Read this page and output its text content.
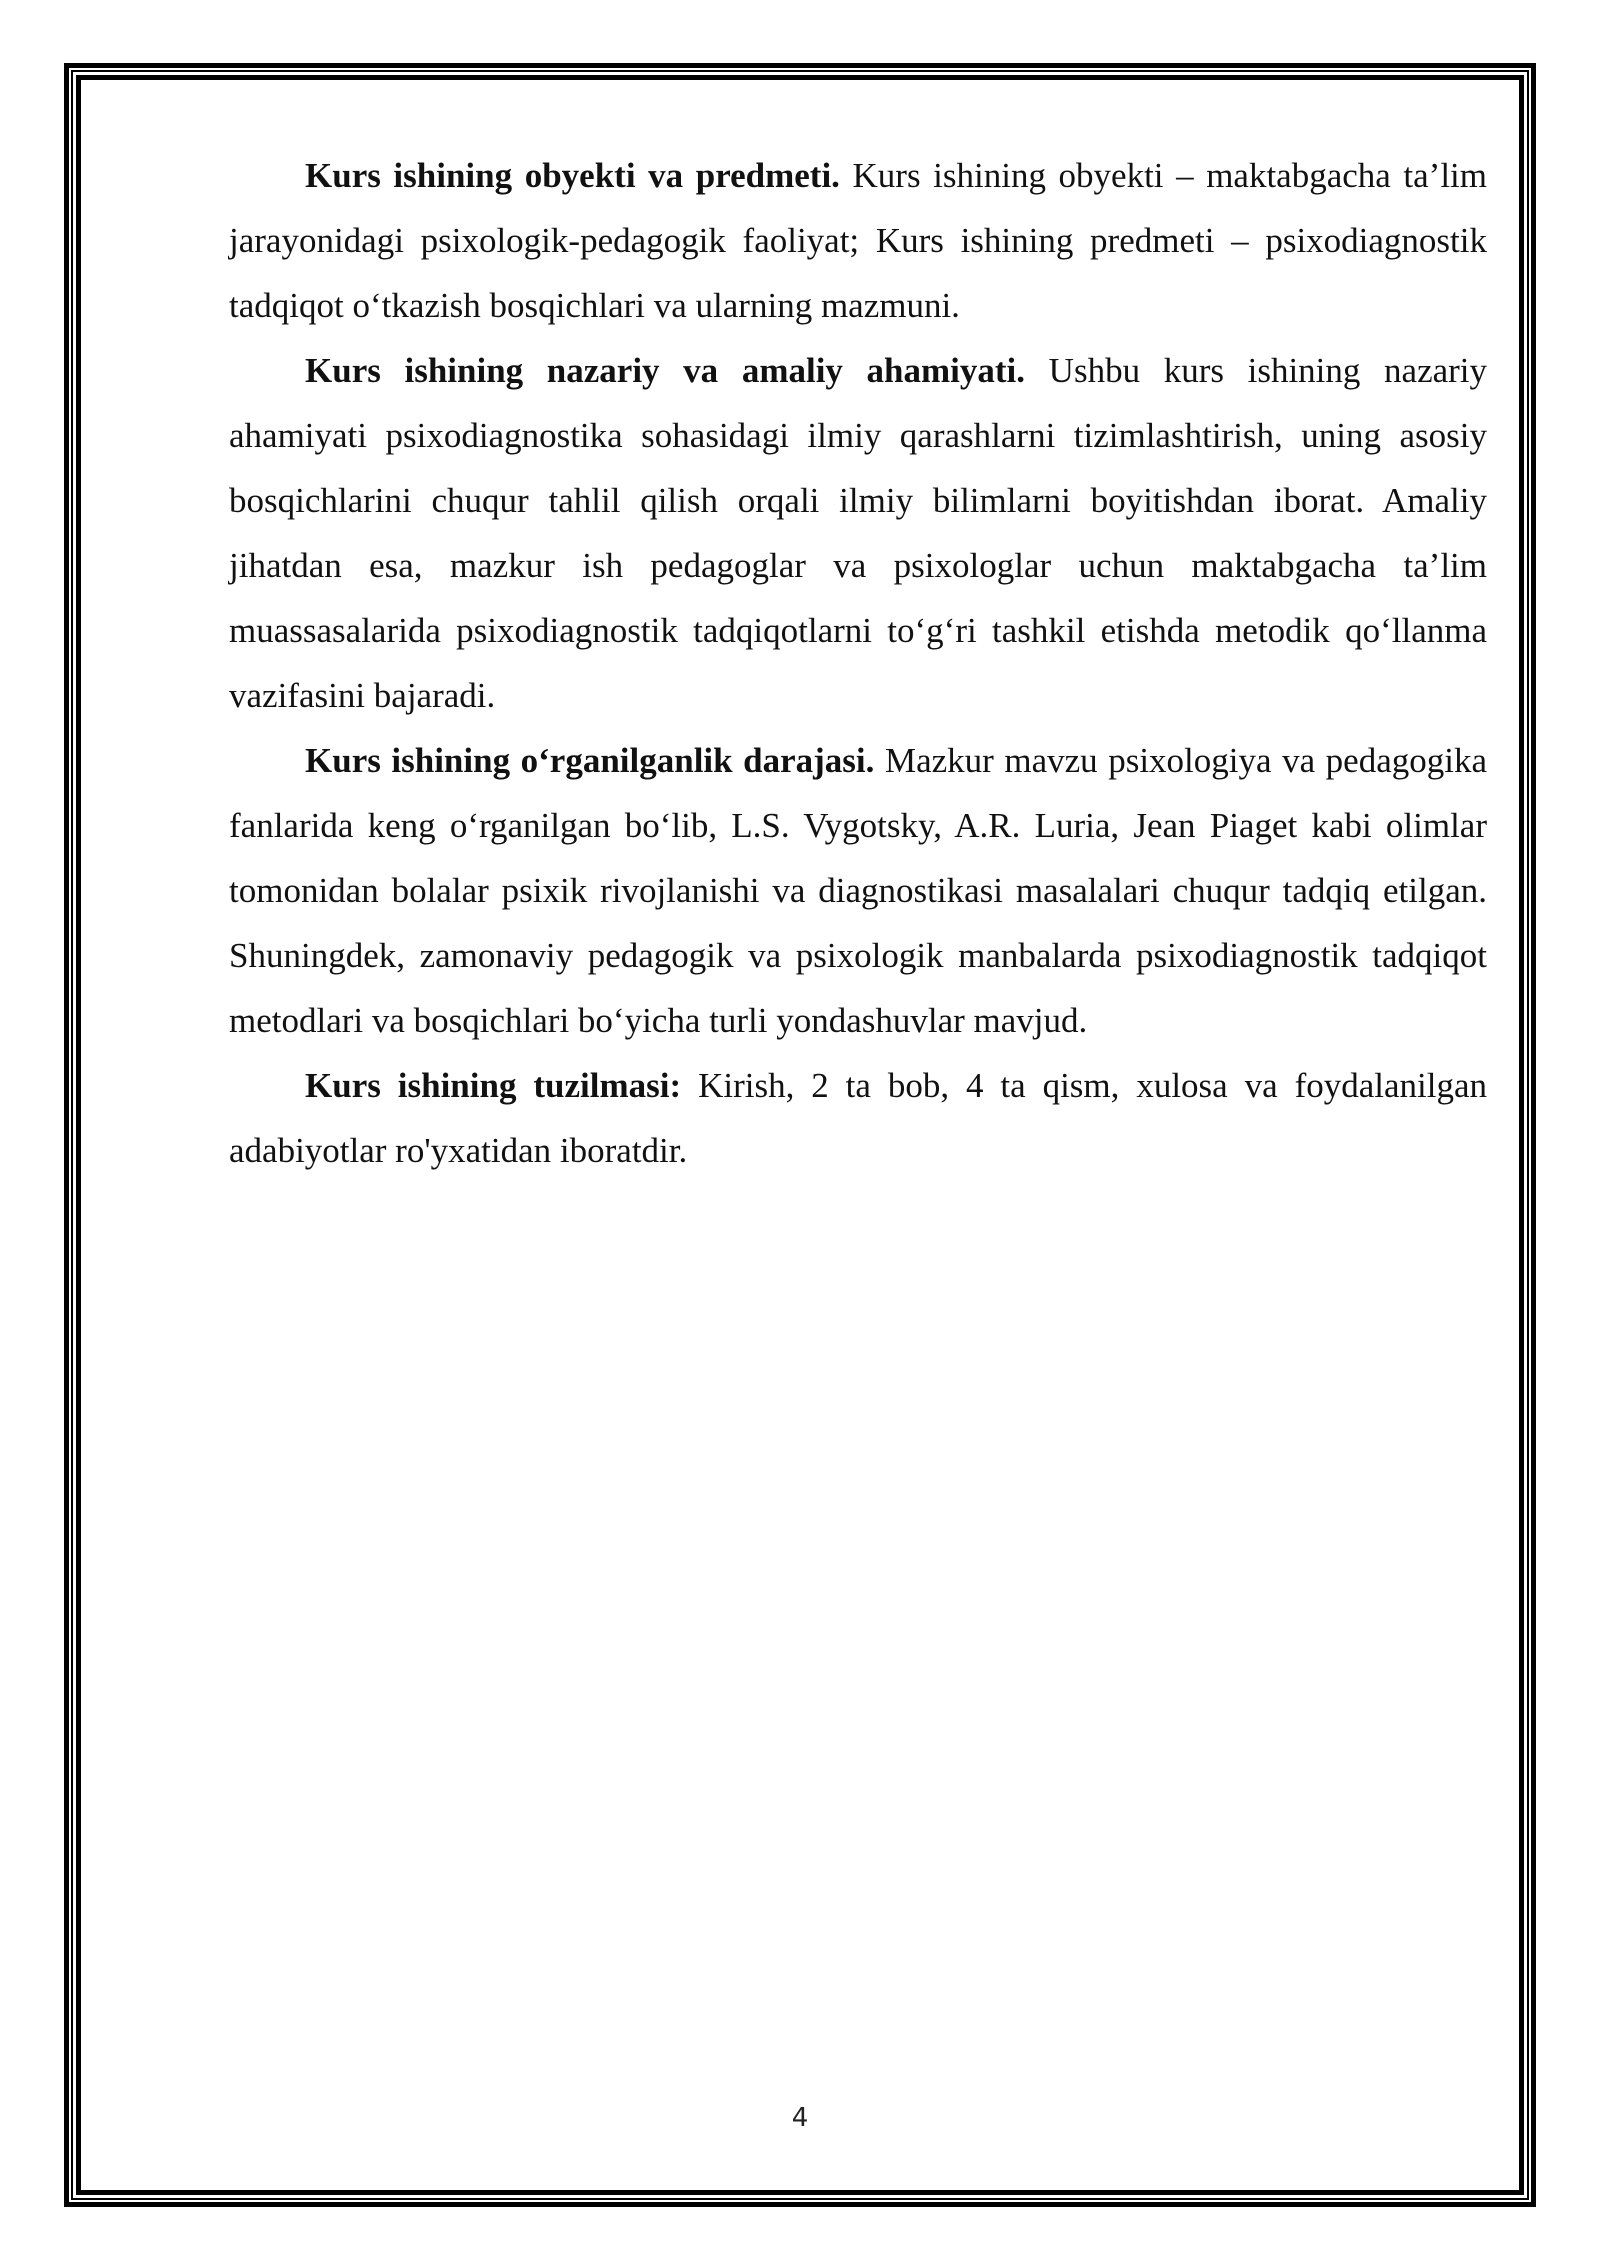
Kurs ishining obyekti va predmeti. Kurs ishining obyekti – maktabgacha ta’lim jarayonidagi psixologik-pedagogik faoliyat; Kurs ishining predmeti – psixodiagnostik tadqiqot o‘tkazish bosqichlari va ularning mazmuni.

Kurs ishining nazariy va amaliy ahamiyati. Ushbu kurs ishining nazariy ahamiyati psixodiagnostika sohasidagi ilmiy qarashlarni tizimlashtirish, uning asosiy bosqichlarini chuqur tahlil qilish orqali ilmiy bilimlarni boyitishdan iborat. Amaliy jihatdan esa, mazkur ish pedagoglar va psixologlar uchun maktabgacha ta’lim muassasalarida psixodiagnostik tadqiqotlarni to‘g‘ri tashkil etishda metodik qo‘llanma vazifasini bajaradi.

Kurs ishining o‘rganilganlik darajasi. Mazkur mavzu psixologiya va pedagogika fanlarida keng o‘rganilgan bo‘lib, L.S. Vygotsky, A.R. Luria, Jean Piaget kabi olimlar tomonidan bolalar psixik rivojlanishi va diagnostikasi masalalari chuqur tadqiq etilgan. Shuningdek, zamonaviy pedagogik va psixologik manbalarda psixodiagnostik tadqiqot metodlari va bosqichlari bo‘yicha turli yondashuvlar mavjud.

Kurs ishining tuzilmasi: Kirish, 2 ta bob, 4 ta qism, xulosa va foydalanilgan adabiyotlar ro'yxatidan iboratdir.

4
